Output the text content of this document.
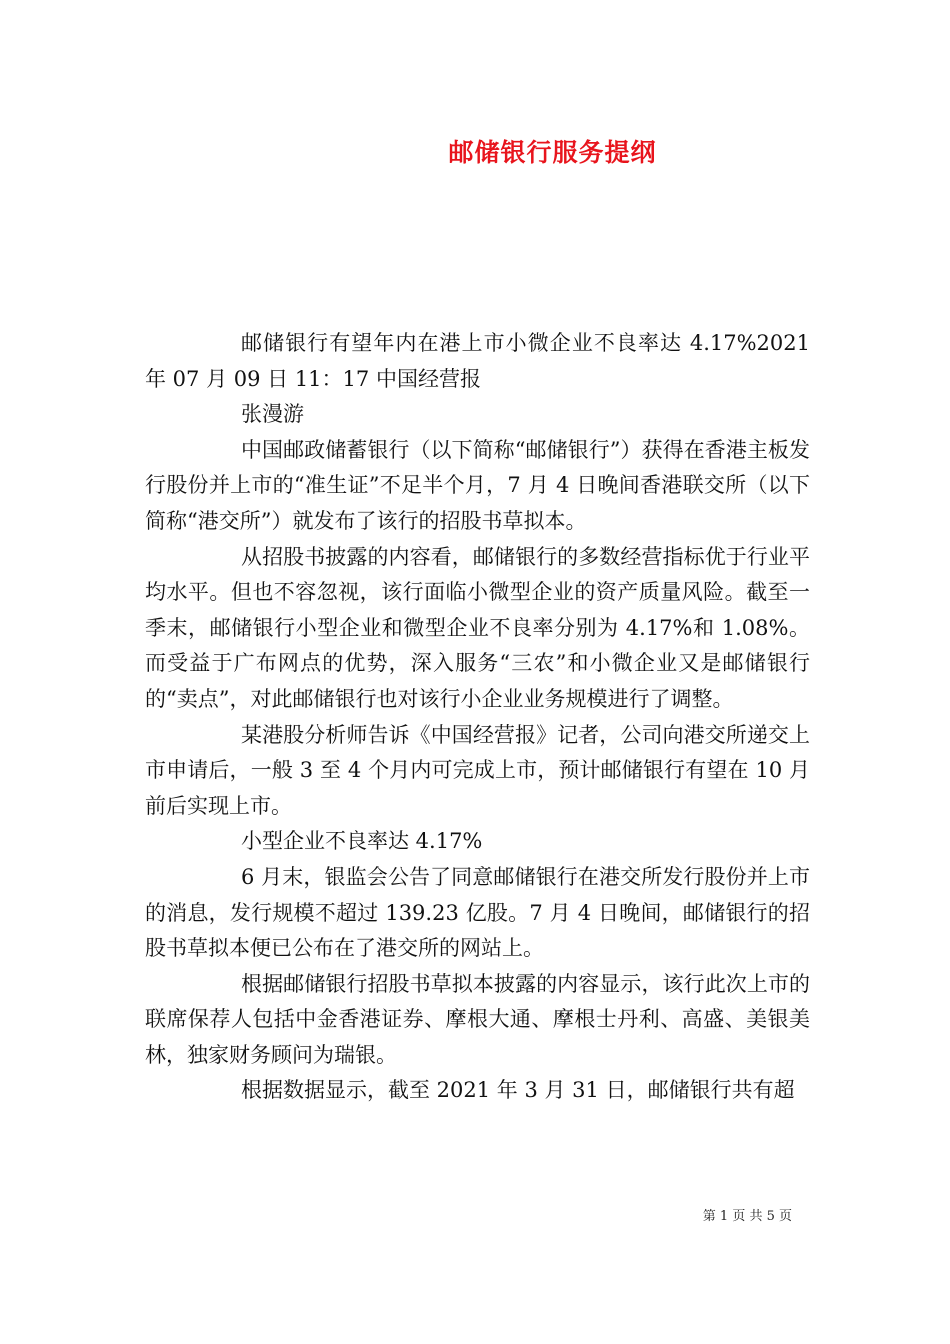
邮储银行服务提纲

邮储银行有望年内在港上市小微企业不良率达 4.17%2021 年 07 月 09 日 11：17 中国经营报

张漫游

中国邮政储蓄银行（以下简称“邮储银行”）获得在香港主板发行股份并上市的“准生证”不足半个月，7 月 4 日晚间香港联交所（以下简称“港交所”）就发布了该行的招股书草拟本。

从招股书披露的内容看，邮储银行的多数经营指标优于行业平均水平。但也不容忽视，该行面临小微型企业的资产质量风险。截至一季末，邮储银行小型企业和微型企业不良率分别为 4.17%和 1.08%。而受益于广布网点的优势，深入服务“三农”和小微企业又是邮储银行的“卖点”，对此邮储银行也对该行小企业业务规模进行了调整。

某港股分析师告诉《中国经营报》记者，公司向港交所递交上市申请后，一般 3 至 4 个月内可完成上市，预计邮储银行有望在 10 月前后实现上市。

小型企业不良率达 4.17%

6 月末，银监会公告了同意邮储银行在港交所发行股份并上市的消息，发行规模不超过 139.23 亿股。7 月 4 日晚间，邮储银行的招股书草拟本便已公布在了港交所的网站上。

根据邮储银行招股书草拟本披露的内容显示，该行此次上市的联席保荐人包括中金香港证券、摩根大通、摩根士丹利、高盛、美银美林，独家财务顾问为瑞银。

根据数据显示，截至 2021 年 3 月 31 日，邮储银行共有超

第 1 页 共 5 页
